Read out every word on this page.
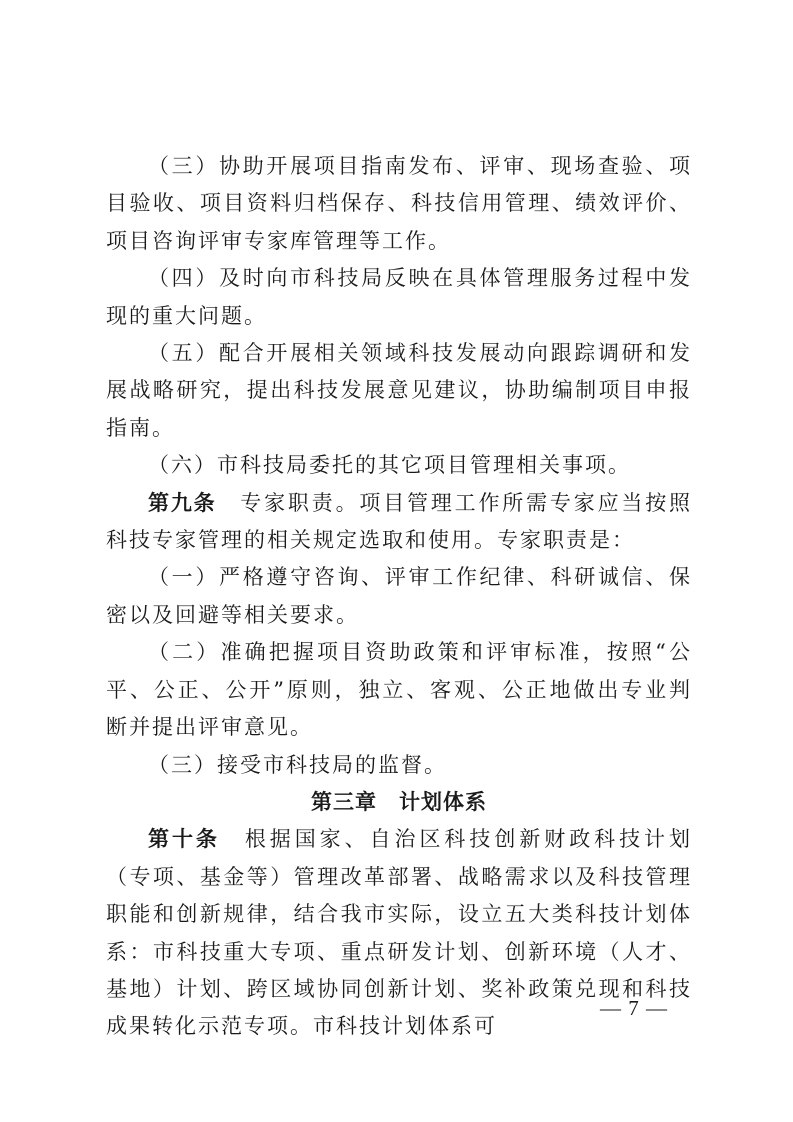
（三）协助开展项目指南发布、评审、现场查验、项目验收、项目资料归档保存、科技信用管理、绩效评价、项目咨询评审专家库管理等工作。

（四）及时向市科技局反映在具体管理服务过程中发现的重大问题。

（五）配合开展相关领域科技发展动向跟踪调研和发展战略研究，提出科技发展意见建议，协助编制项目申报指南。

（六）市科技局委托的其它项目管理相关事项。

第九条　 专家职责。项目管理工作所需专家应当按照科技专家管理的相关规定选取和使用。专家职责是：

（一）严格遵守咨询、评审工作纪律、科研诚信、保密以及回避等相关要求。

（二）准确把握项目资助政策和评审标准，按照“公平、公正、公开”原则，独立、客观、公正地做出专业判断并提出评审意见。

（三）接受市科技局的监督。

第三章　计划体系

第十条　 根据国家、自治区科技创新财政科技计划（专项、基金等）管理改革部署、战略需求以及科技管理职能和创新规律，结合我市实际，设立五大类科技计划体系：市科技重大专项、重点研发计划、创新环境（人才、基地）计划、跨区域协同创新计划、奖补政策兑现和科技成果转化示范专项。市科技计划体系可

— 7 —
